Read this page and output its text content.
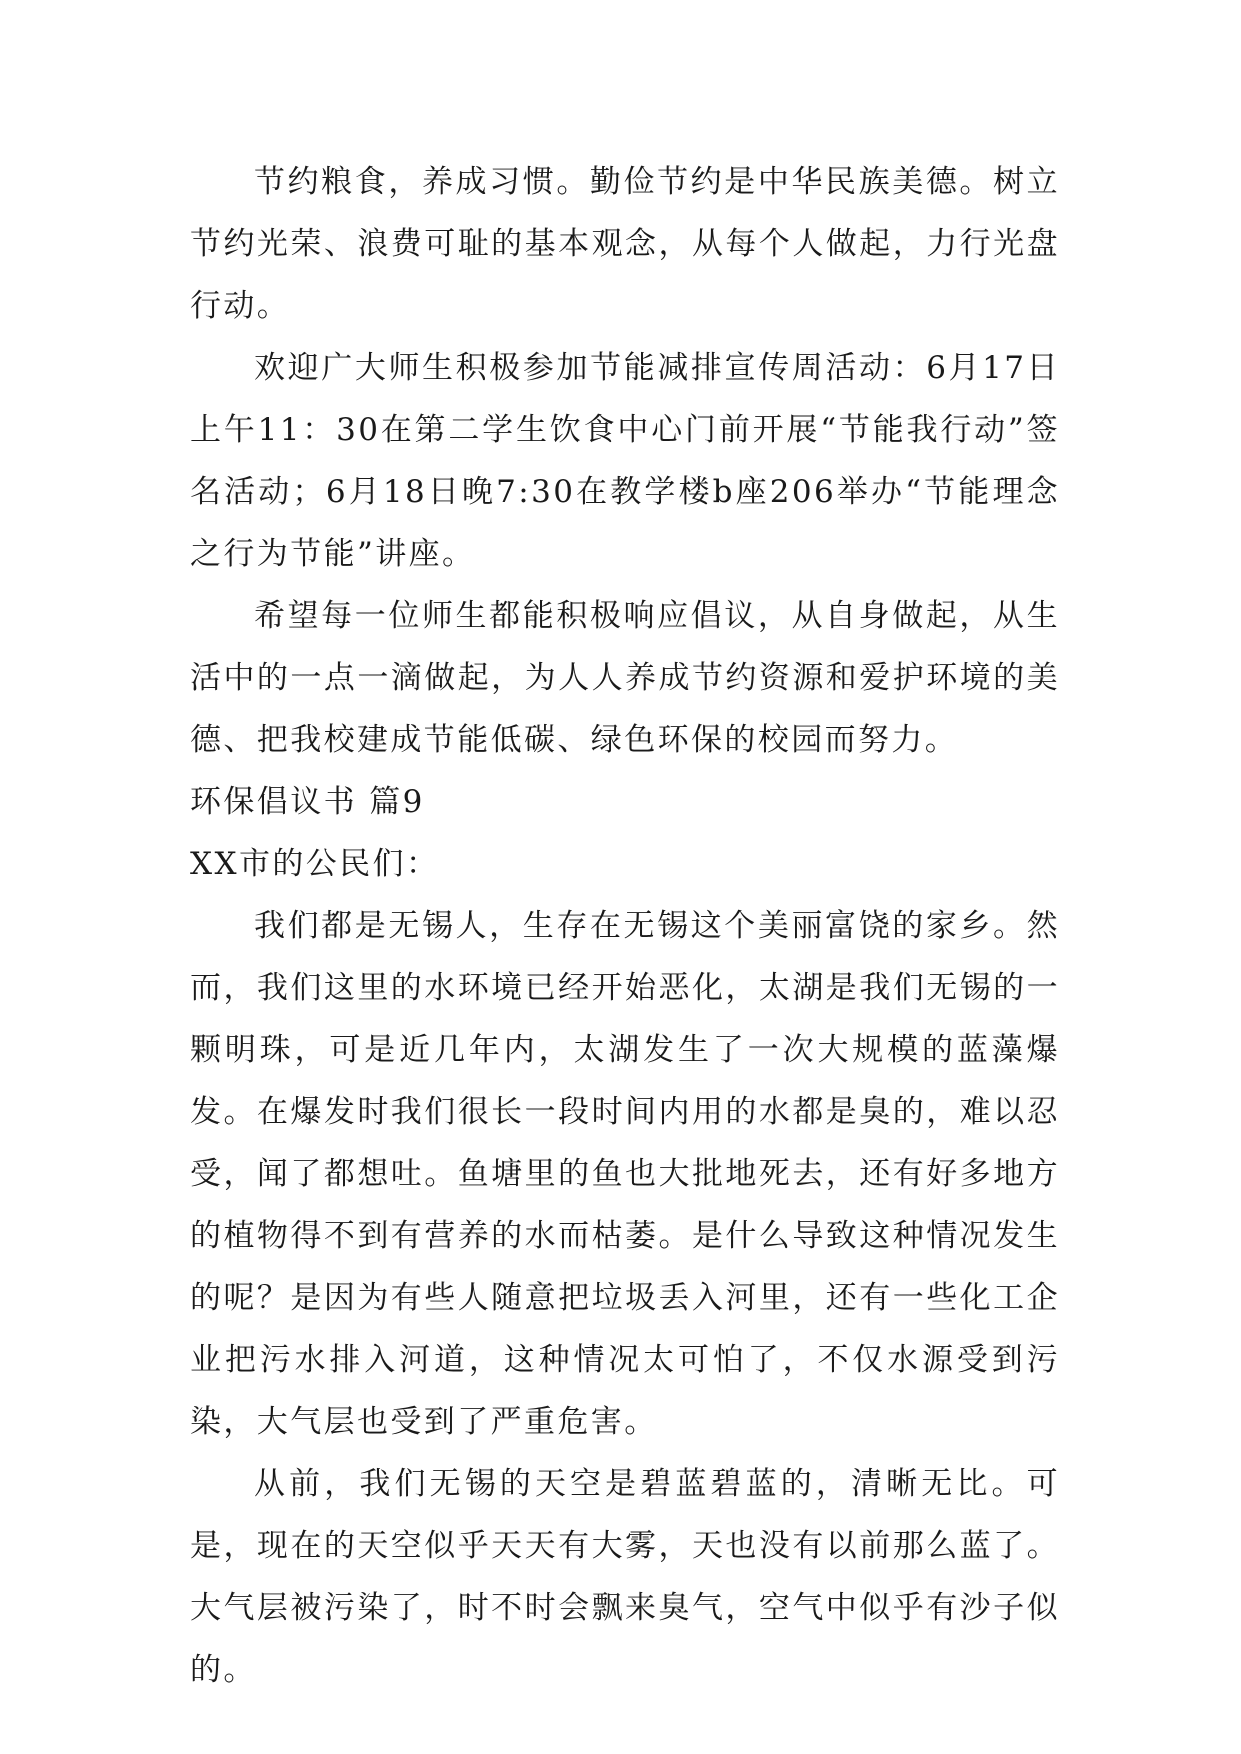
节约粮食，养成习惯。勤俭节约是中华民族美德。树立节约光荣、浪费可耻的基本观念，从每个人做起，力行光盘行动。

欢迎广大师生积极参加节能减排宣传周活动：6月17日上午11：30在第二学生饮食中心门前开展“节能我行动”签名活动；6月18日晚7:30在教学楼b座206举办“节能理念之行为节能”讲座。

希望每一位师生都能积极响应倡议，从自身做起，从生活中的一点一滴做起，为人人养成节约资源和爱护环境的美德、把我校建成节能低碳、绿色环保的校园而努力。

环保倡议书 篇9

XX市的公民们：

我们都是无锡人，生存在无锡这个美丽富饶的家乡。然而，我们这里的水环境已经开始恶化，太湖是我们无锡的一颗明珠，可是近几年内，太湖发生了一次大规模的蓝藻爆发。在爆发时我们很长一段时间内用的水都是臭的，难以忍受，闻了都想吐。鱼塘里的鱼也大批地死去，还有好多地方的植物得不到有营养的水而枯萎。是什么导致这种情况发生的呢？是因为有些人随意把垃圾丢入河里，还有一些化工企业把污水排入河道，这种情况太可怕了，不仅水源受到污染，大气层也受到了严重危害。

从前，我们无锡的天空是碧蓝碧蓝的，清晰无比。可是，现在的天空似乎天天有大雾，天也没有以前那么蓝了。大气层被污染了，时不时会飘来臭气，空气中似乎有沙子似的。
